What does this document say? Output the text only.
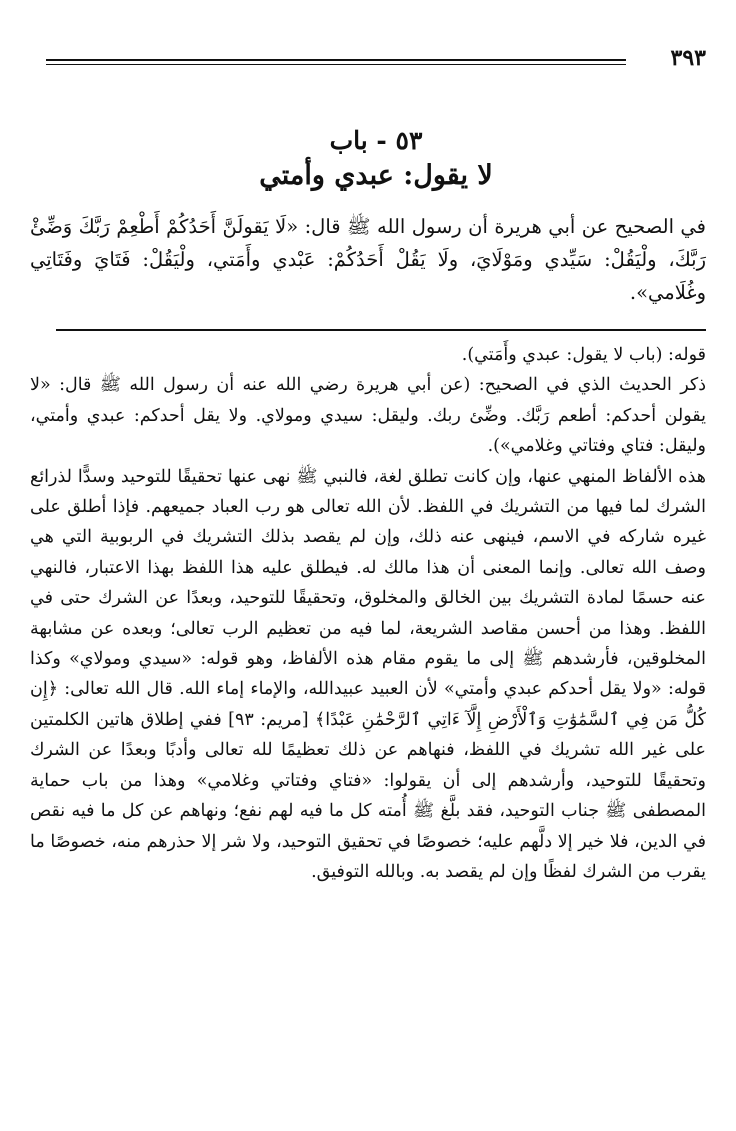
٣٩٣
٥٣ - باب
لا يقول: عبدي وأمتي

في الصحيح عن أبي هريرة أن رسول الله ﷺ قال: «لَا يَقولَنَّ أَحَدُكُمْ أَطْعِمْ رَبَّكَ وَضِّئْ رَبَّكَ، ولْيَقُلْ: سَيِّدي ومَوْلَايَ، ولَا يَقُلْ أَحَدُكُمْ: عَبْدي وأَمَتي، ولْيَقُلْ: فَتَايَ وفَتَاتِي وغُلَامي».

قوله: (باب لا يقول: عبدي وأَمَتي).

ذكر الحديث الذي في الصحيح: (عن أبي هريرة رضي الله عنه أن رسول الله ﷺ قال: «لا يقولن أحدكم: أطعم رَبَّك. وضِّئ ربك. وليقل: سيدي ومولاي. ولا يقل أحدكم: عبدي وأمتي، وليقل: فتاي وفتاتي وغلامي»).

هذه الألفاظ المنهي عنها، وإن كانت تطلق لغة، فالنبي ﷺ نهى عنها تحقيقًا للتوحيد وسدًّا لذرائع الشرك لما فيها من التشريك في اللفظ. لأن الله تعالى هو رب العباد جميعهم. فإذا أطلق على غيره شاركه في الاسم، فينهى عنه ذلك، وإن لم يقصد بذلك التشريك في الربوبية التي هي وصف الله تعالى. وإنما المعنى أن هذا مالك له. فيطلق عليه هذا اللفظ بهذا الاعتبار، فالنهي عنه حسمًا لمادة التشريك بين الخالق والمخلوق، وتحقيقًا للتوحيد، وبعدًا عن الشرك حتى في اللفظ. وهذا من أحسن مقاصد الشريعة، لما فيه من تعظيم الرب تعالى؛ وبعده عن مشابهة المخلوقين، فأرشدهم ﷺ إلى ما يقوم مقام هذه الألفاظ، وهو قوله: «سيدي ومولاي» وكذا قوله: «ولا يقل أحدكم عبدي وأمتي» لأن العبيد عبيدالله، والإماء إماء الله. قال الله تعالى: ﴿إِن كُلُّ مَن فِي ٱلسَّمَٰوَٰتِ وَٱلْأَرْضِ إِلَّآ ءَاتِي ٱلرَّحْمَٰنِ عَبْدًا﴾ [مريم: ٩٣] ففي إطلاق هاتين الكلمتين على غير الله تشريك في اللفظ، فنهاهم عن ذلك تعظيمًا لله تعالى وأدبًا وبعدًا عن الشرك وتحقيقًا للتوحيد، وأرشدهم إلى أن يقولوا: «فتاي وفتاتي وغلامي» وهذا من باب حماية المصطفى ﷺ جناب التوحيد، فقد بلَّغ ﷺ أُمته كل ما فيه لهم نفع؛ ونهاهم عن كل ما فيه نقص في الدين، فلا خير إلا دلَّهم عليه؛ خصوصًا في تحقيق التوحيد، ولا شر إلا حذرهم منه، خصوصًا ما يقرب من الشرك لفظًا وإن لم يقصد به. وبالله التوفيق.
